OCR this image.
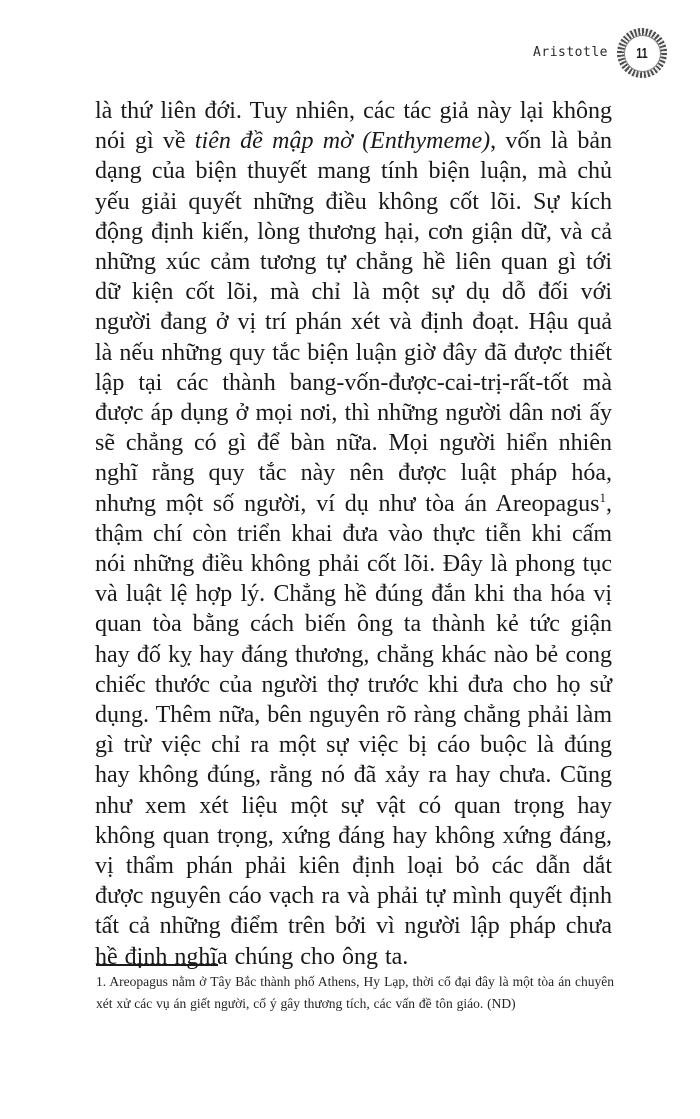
Aristotle 11

là thứ liên đới. Tuy nhiên, các tác giả này lại không nói gì về tiên đề mập mờ (Enthymeme), vốn là bản dạng của biện thuyết mang tính biện luận, mà chủ yếu giải quyết những điều không cốt lõi. Sự kích động định kiến, lòng thương hại, cơn giận dữ, và cả những xúc cảm tương tự chẳng hề liên quan gì tới dữ kiện cốt lõi, mà chỉ là một sự dụ dỗ đối với người đang ở vị trí phán xét và định đoạt. Hậu quả là nếu những quy tắc biện luận giờ đây đã được thiết lập tại các thành bang-vốn-được-cai-trị-rất-tốt mà được áp dụng ở mọi nơi, thì những người dân nơi ấy sẽ chẳng có gì để bàn nữa. Mọi người hiển nhiên nghĩ rằng quy tắc này nên được luật pháp hóa, nhưng một số người, ví dụ như tòa án Areopagus$^1$, thậm chí còn triển khai đưa vào thực tiễn khi cấm nói những điều không phải cốt lõi. Đây là phong tục và luật lệ hợp lý. Chẳng hề đúng đắn khi tha hóa vị quan tòa bằng cách biến ông ta thành kẻ tức giận hay đố kỵ hay đáng thương, chẳng khác nào bẻ cong chiếc thước của người thợ trước khi đưa cho họ sử dụng. Thêm nữa, bên nguyên rõ ràng chẳng phải làm gì trừ việc chỉ ra một sự việc bị cáo buộc là đúng hay không đúng, rằng nó đã xảy ra hay chưa. Cũng như xem xét liệu một sự vật có quan trọng hay không quan trọng, xứng đáng hay không xứng đáng, vị thẩm phán phải kiên định loại bỏ các dẫn dắt được nguyên cáo vạch ra và phải tự mình quyết định tất cả những điểm trên bởi vì người lập pháp chưa hề định nghĩa chúng cho ông ta.

1. Areopagus nằm ở Tây Bắc thành phố Athens, Hy Lạp, thời cổ đại đây là một tòa án chuyên xét xử các vụ án giết người, cố ý gây thương tích, các vấn đề tôn giáo. (ND)
